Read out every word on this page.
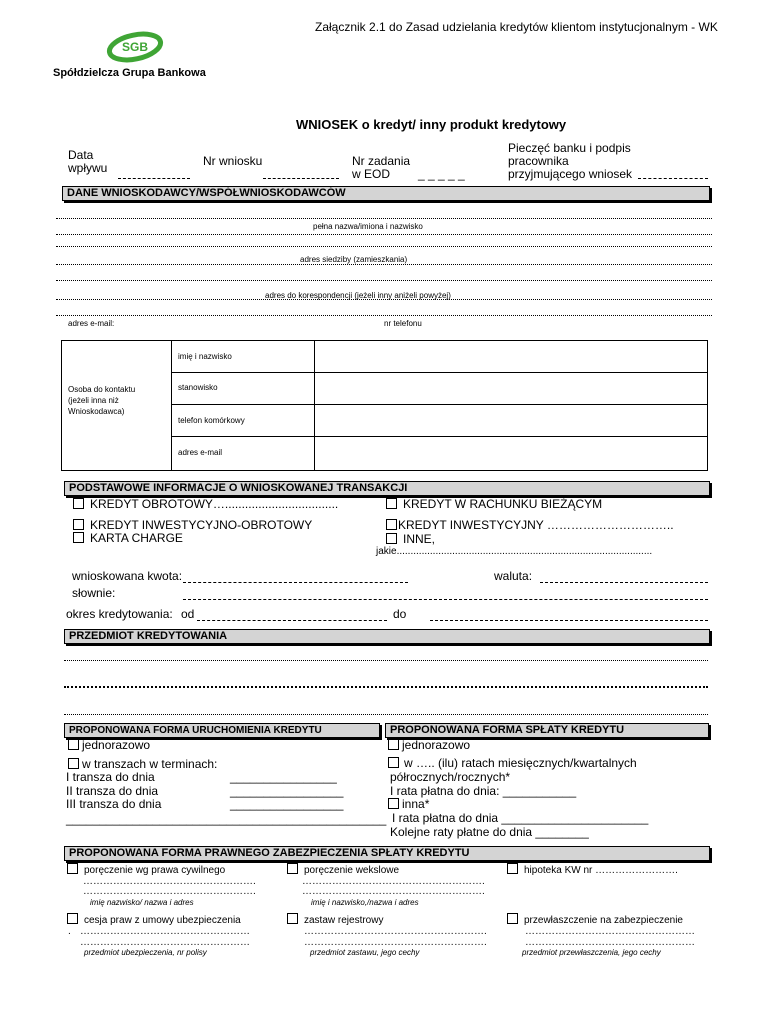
Załącznik 2.1 do Zasad udzielania kredytów klientom instytucjonalnym - WK
SGB
Spółdzielcza Grupa Bankowa
WNIOSEK o kredyt/ inny produkt kredytowy
Data
wpływu	Nr wniosku	Nr zadania
w EOD _ _ _ _ _
Pieczęć banku i podpis
pracownika
przyjmującego wniosek
DANE WNIOSKODAWCY/WSPÓŁWNIOSKODAWCÓW
pełna nazwa/imiona i nazwisko
adres siedziby (zamieszkania)
adres do korespondencji (jeżeli inny aniżeli powyżej)
adres e-mail:	nr telefonu
Osoba do kontaktu
(jeżeli inna niż
Wnioskodawca)
imię i nazwisko
stanowisko
telefon komórkowy
adres e-mail
PODSTAWOWE INFORMACJE O WNIOSKOWANEJ TRANSAKCJI
KREDYT OBROTOWY…..................................	KREDYT W RACHUNKU BIEŻĄCYM
KREDYT INWESTYCYJNO-OBROTOWY	KREDYT INWESTYCYJNY …………………………..
KARTA CHARGE	INNE,
jakie............................................................................................
wnioskowana kwota:	waluta:
słownie:
okres kredytowania: od	do
PRZEDMIOT KREDYTOWANIA
PROPONOWANA FORMA URUCHOMIENIA KREDYTU	PROPONOWANA FORMA SPŁATY KREDYTU
jednorazowo
w transzach w terminach:
I transza do dnia	________________
II transza do dnia	_________________
III transza do dnia	_________________
________________________________________________
jednorazowo
w ….. (ilu) ratach miesięcznych/kwartalnych
półrocznych/rocznych*
I rata płatna do dnia: ___________
inna*
I rata płatna do dnia ______________________
Kolejne raty płatne do dnia ________
PROPONOWANA FORMA PRAWNEGO ZABEZPIECZENIA SPŁATY KREDYTU
poręczenie wg prawa cywilnego	poręczenie wekslowe	hipoteka KW nr …………………….
…………………………………………….
…………………………………………….
imię nazwisko/ nazwa i adres
……………………………………………….
……………………………………………….
imię i nazwisko,/nazwa i adres
cesja praw z umowy ubezpieczenia	zastaw rejestrowy	przewłaszczenie na zabezpieczenie
. ……………………………………………
……………………………………………
przedmiot ubezpieczenia, nr polisy
……………………………………………….
……………………………………………….
przedmiot zastawu, jego cechy
……………………………………………
……………………………………………
przedmiot przewłaszczenia, jego cechy
